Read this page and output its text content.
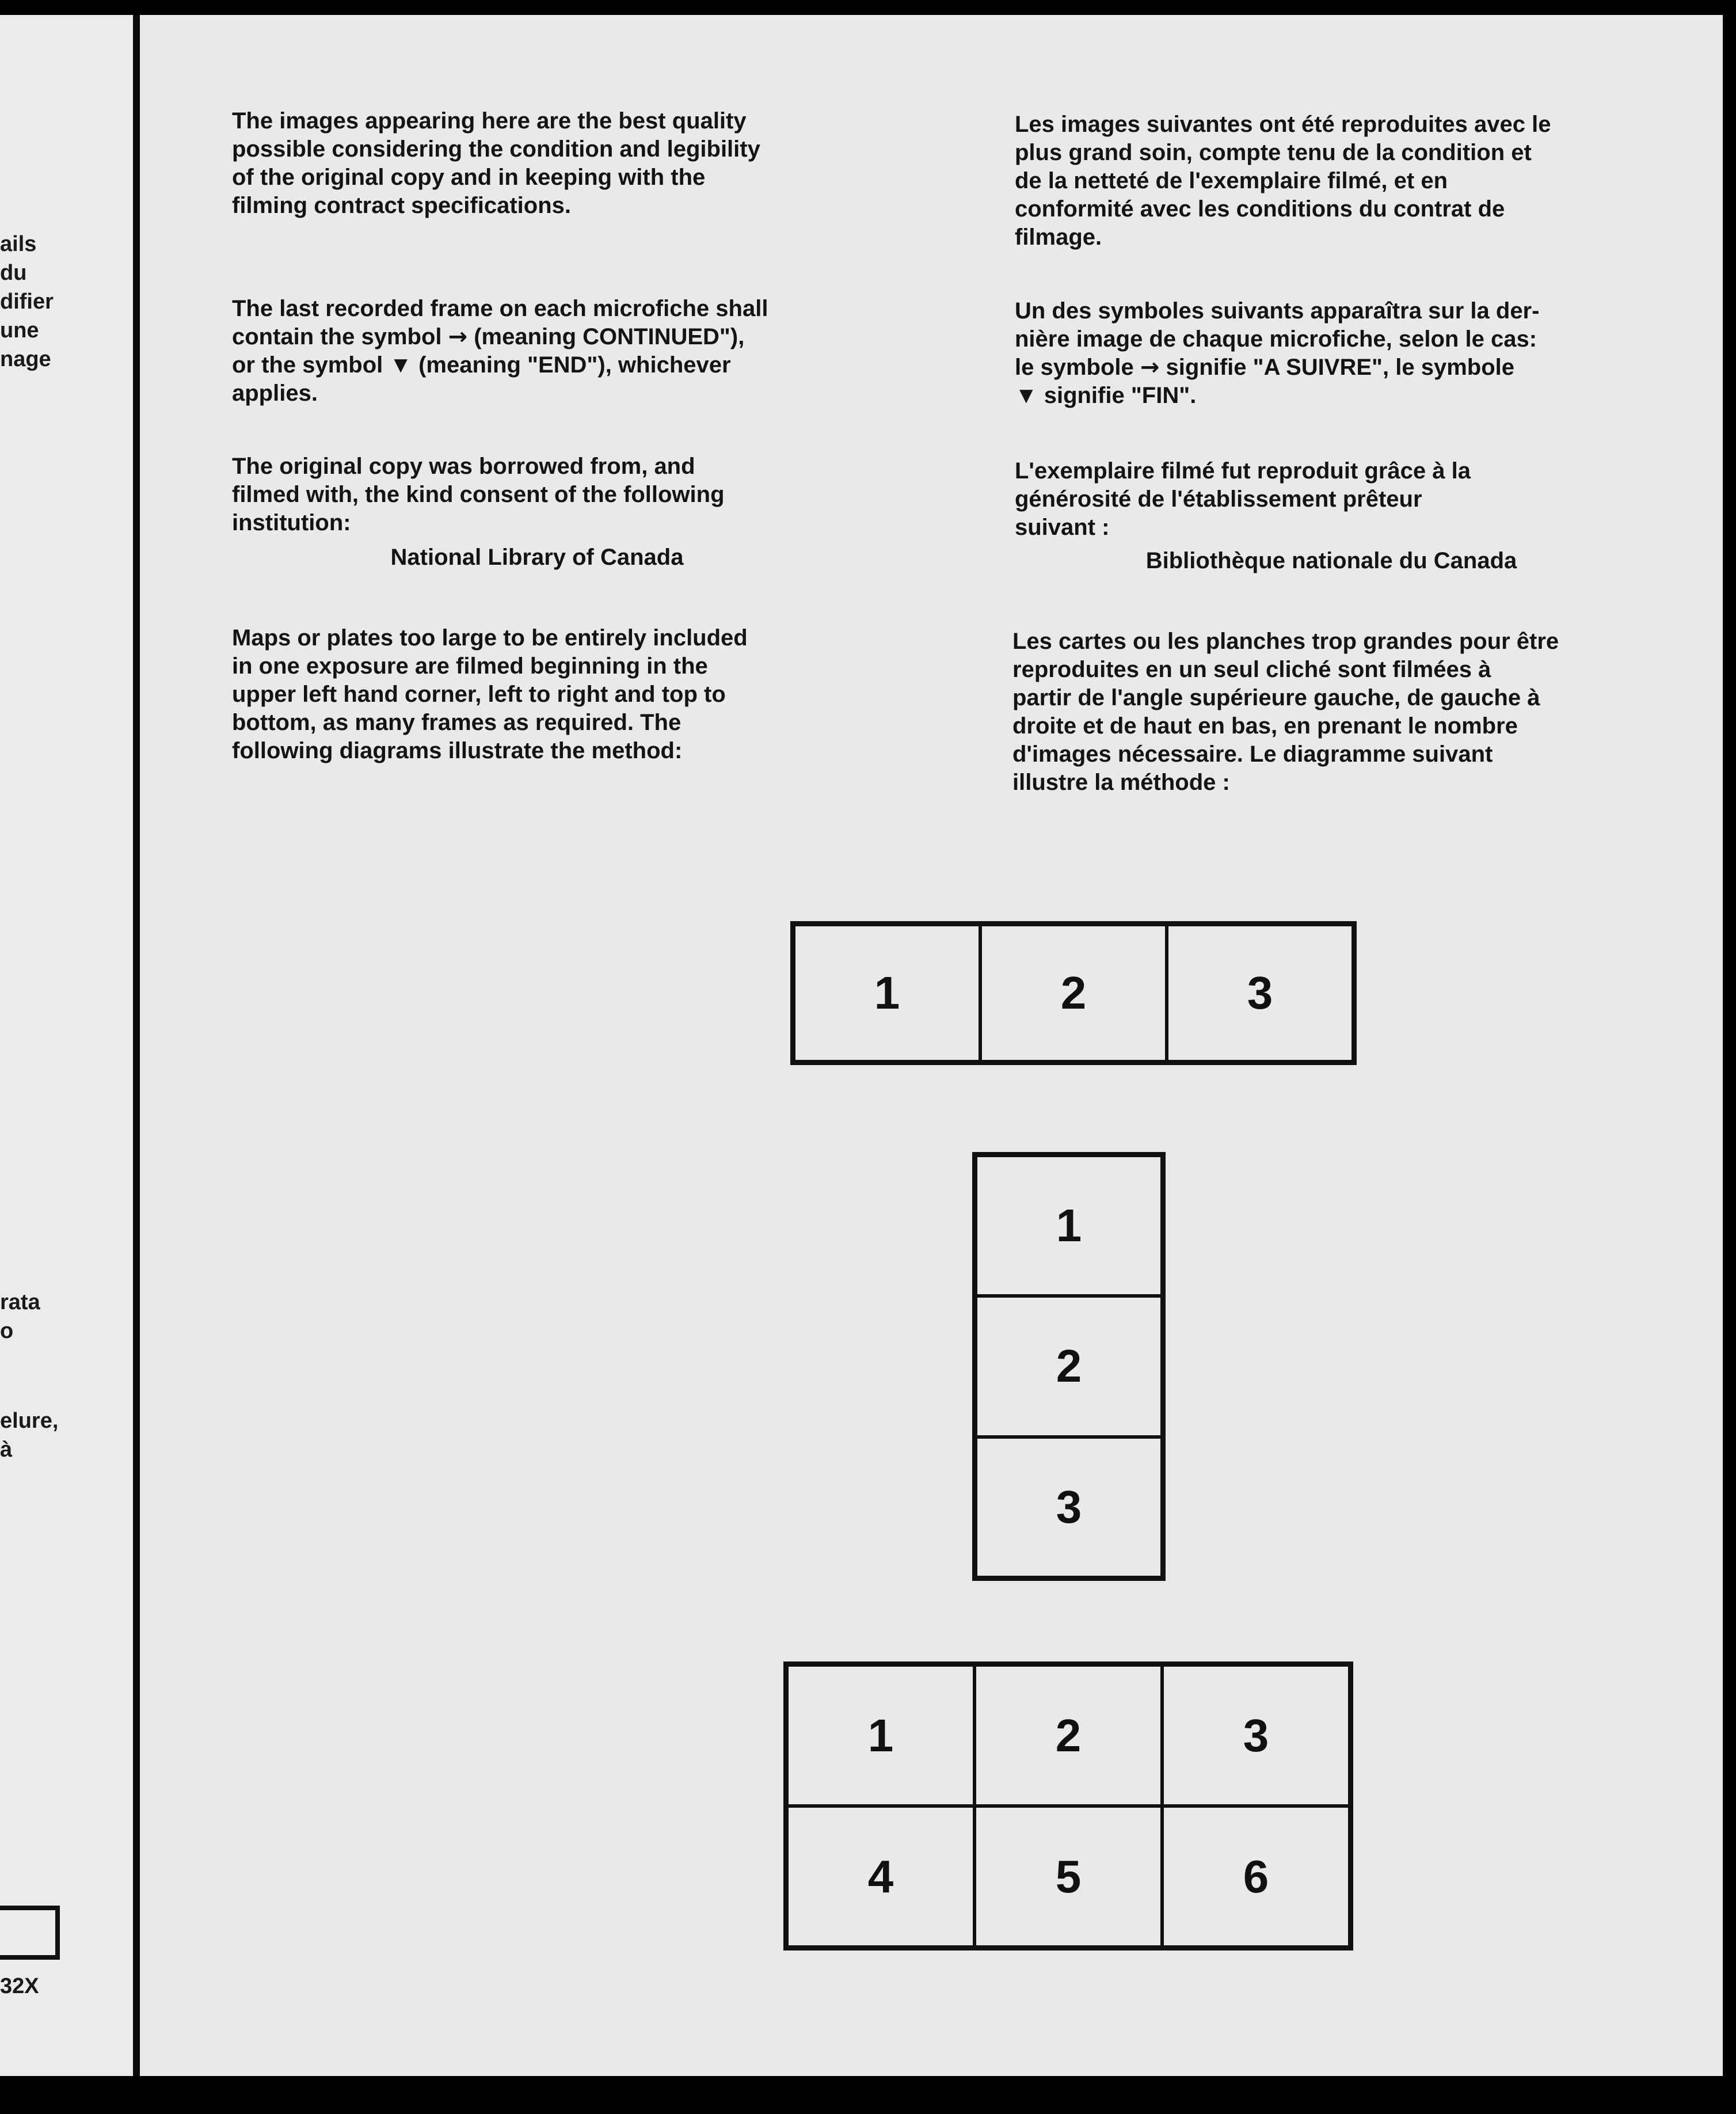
ails

du

difier

une

nage

rata

o

elure,

à

32X

The images appearing here are the best quality
possible considering the condition and legibility
of the original copy and in keeping with the
filming contract specifications.

The last recorded frame on each microfiche shall
contain the symbol → (meaning CONTINUED"),
or the symbol ▼ (meaning "END"), whichever
applies.

The original copy was borrowed from, and
filmed with, the kind consent of the following
institution:

National Library of Canada

Maps or plates too large to be entirely included
in one exposure are filmed beginning in the
upper left hand corner, left to right and top to
bottom, as many frames as required. The
following diagrams illustrate the method:

Les images suivantes ont été reproduites avec le
plus grand soin, compte tenu de la condition et
de la netteté de l'exemplaire filmé, et en
conformité avec les conditions du contrat de
filmage.

Un des symboles suivants apparaîtra sur la der-
nière image de chaque microfiche, selon le cas:
le symbole → signifie "A SUIVRE", le symbole
▼ signifie "FIN".

L'exemplaire filmé fut reproduit grâce à la
générosité de l'établissement prêteur
suivant :

Bibliothèque nationale du Canada

Les cartes ou les planches trop grandes pour être
reproduites en un seul cliché sont filmées à
partir de l'angle supérieure gauche, de gauche à
droite et de haut en bas, en prenant le nombre
d'images nécessaire. Le diagramme suivant
illustre la méthode :

1	2	3
1
2
3
1	2	3
4	5	6
